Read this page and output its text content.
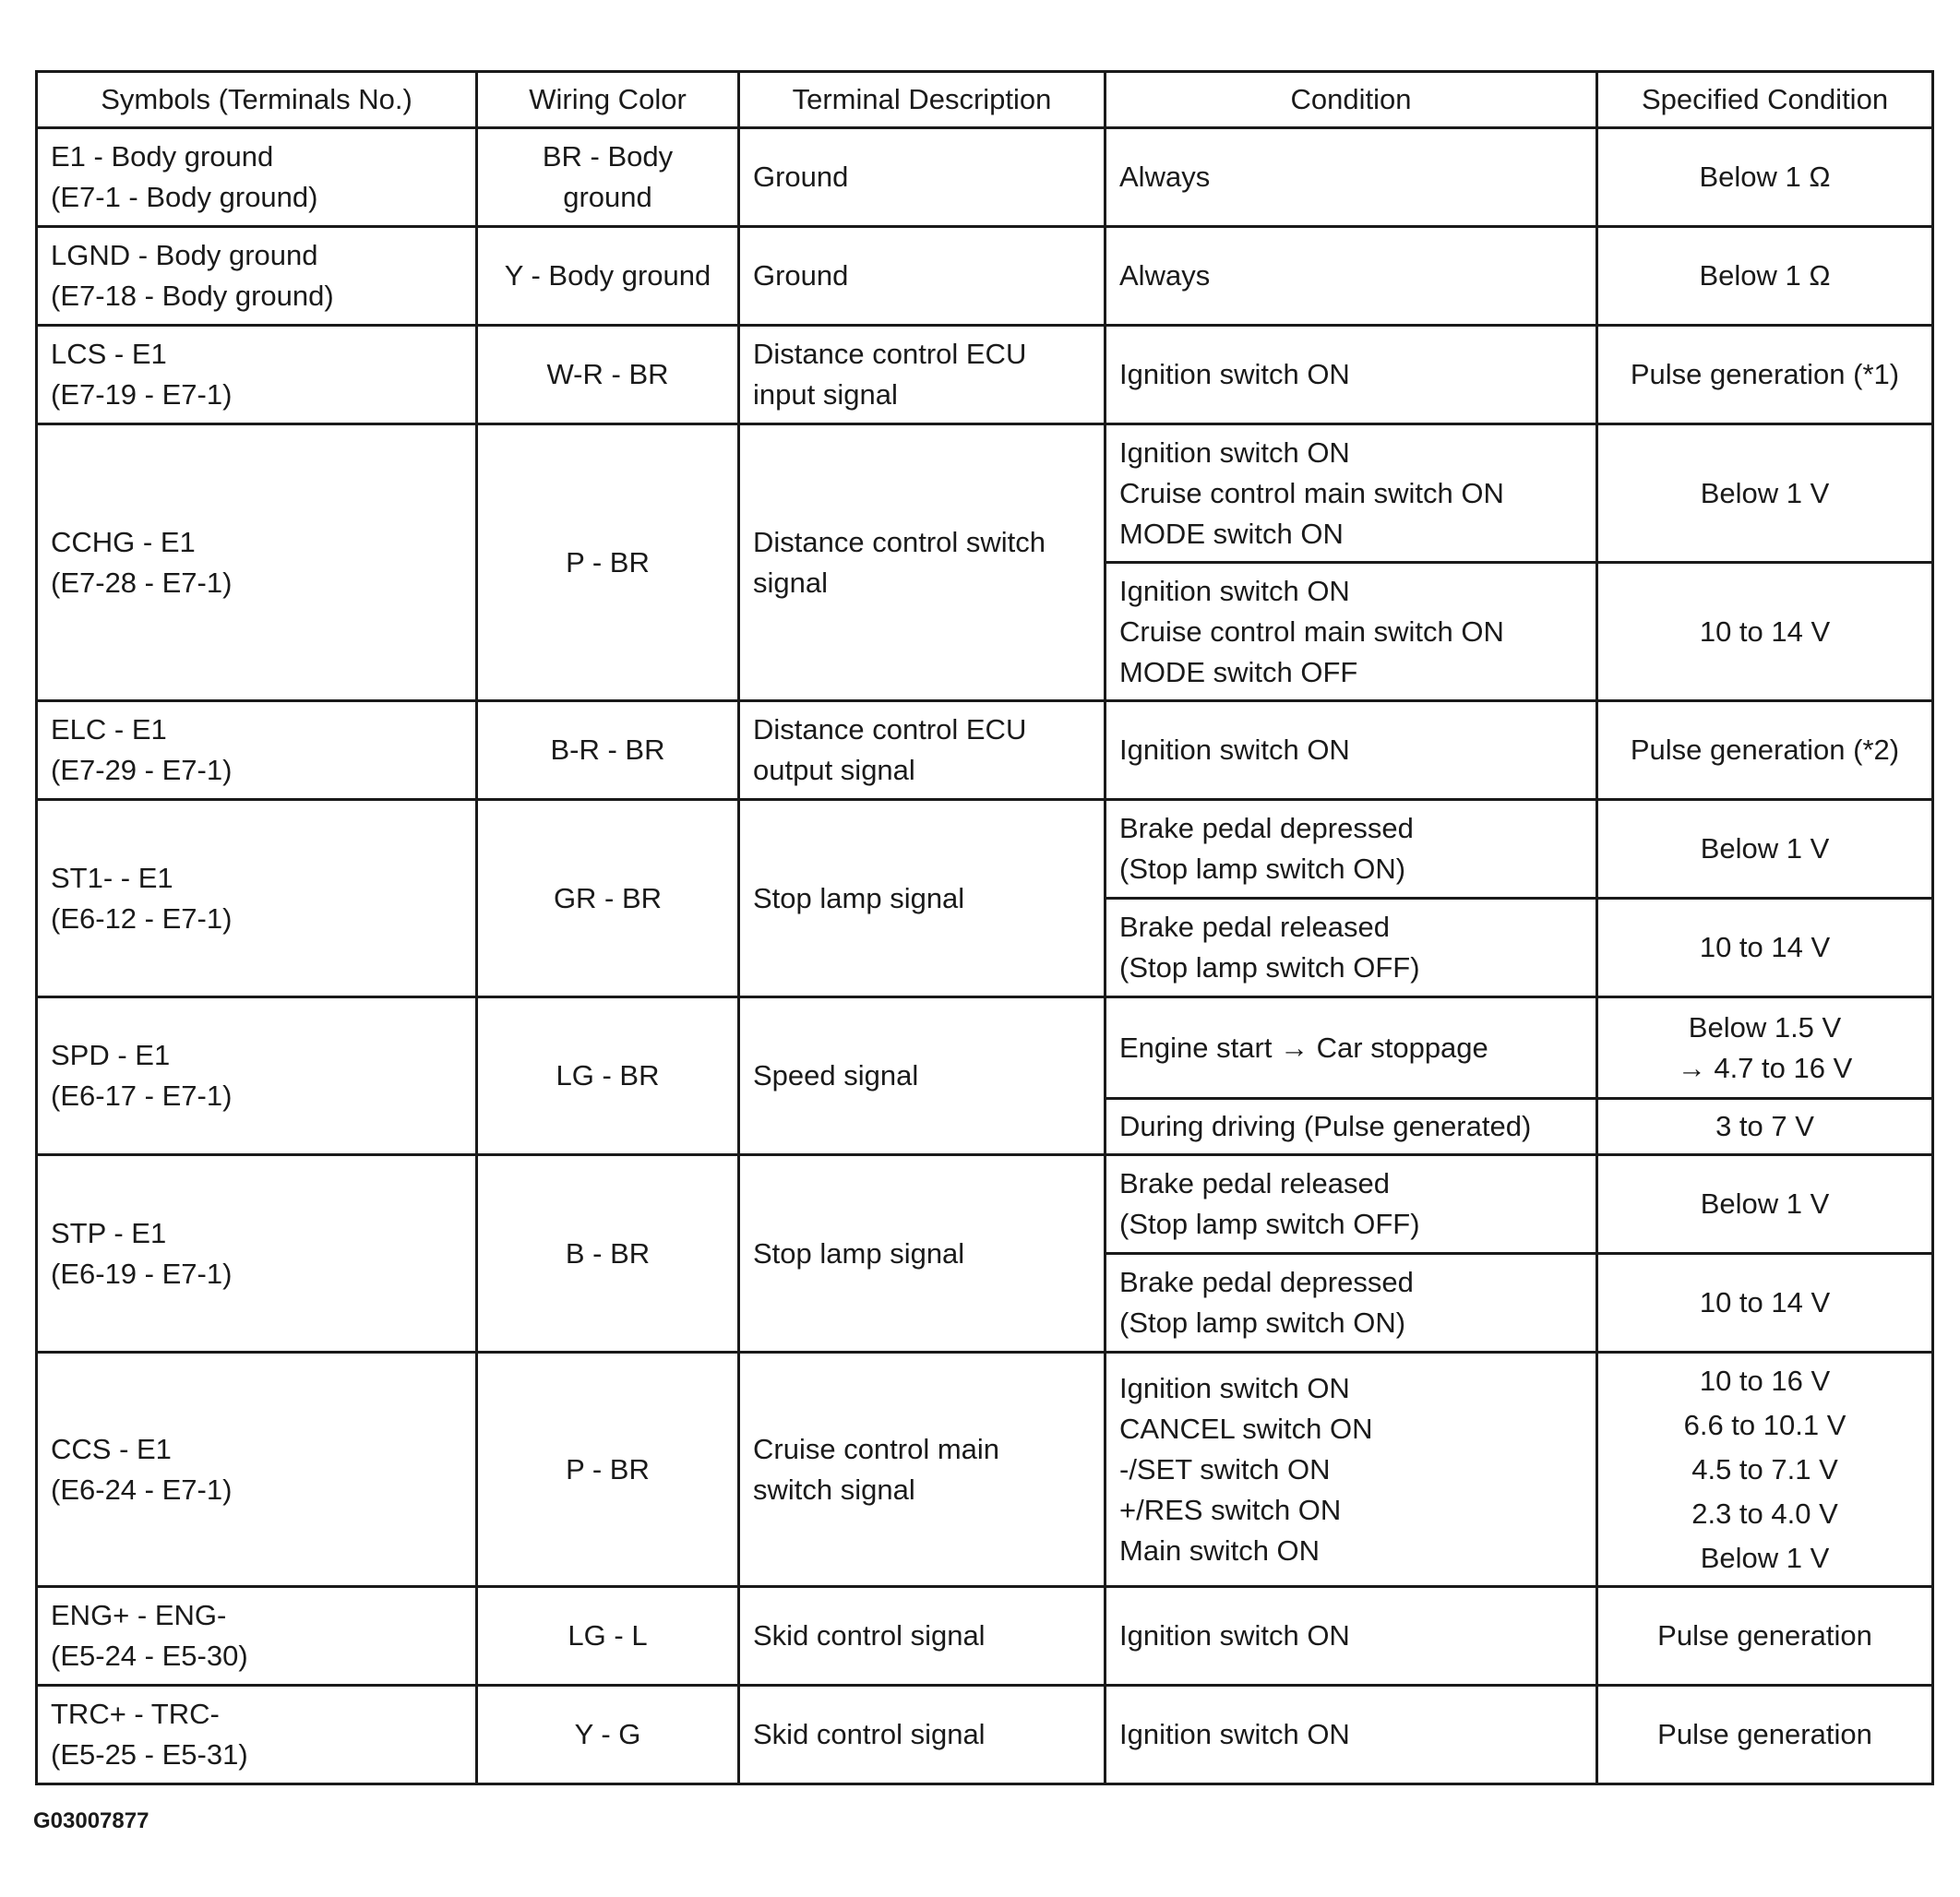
Symbols (Terminals No.)	Wiring Color	Terminal Description	Condition	Specified Condition

E1 - Body ground
(E7-1 - Body ground)	BR - Body
ground	Ground	Always	Below 1 Ω

LGND - Body ground
(E7-18 - Body ground)	Y - Body ground	Ground	Always	Below 1 Ω

LCS - E1
(E7-19 - E7-1)	W-R - BR	Distance control ECU
input signal	Ignition switch ON	Pulse generation (*1)

CCHG - E1
(E7-28 - E7-1)	P - BR	Distance control switch
signal	Ignition switch ON
Cruise control main switch ON
MODE switch ON	Below 1 V

			Ignition switch ON
Cruise control main switch ON
MODE switch OFF	10 to 14 V

ELC - E1
(E7-29 - E7-1)	B-R - BR	Distance control ECU
output signal	Ignition switch ON	Pulse generation (*2)

ST1- - E1
(E6-12 - E7-1)	GR - BR	Stop lamp signal	Brake pedal depressed
(Stop lamp switch ON)	Below 1 V

			Brake pedal released
(Stop lamp switch OFF)	10 to 14 V

SPD - E1
(E6-17 - E7-1)	LG - BR	Speed signal	Engine start → Car stoppage	Below 1.5 V
→ 4.7 to 16 V

			During driving (Pulse generated)	3 to 7 V

STP - E1
(E6-19 - E7-1)	B - BR	Stop lamp signal	Brake pedal released
(Stop lamp switch OFF)	Below 1 V

			Brake pedal depressed
(Stop lamp switch ON)	10 to 14 V

CCS - E1
(E6-24 - E7-1)	P - BR	Cruise control main
switch signal	Ignition switch ON
CANCEL switch ON
-/SET switch ON
+/RES switch ON
Main switch ON	10 to 16 V
6.6 to 10.1 V
4.5 to 7.1 V
2.3 to 4.0 V
Below 1 V

ENG+ - ENG-
(E5-24 - E5-30)	LG - L	Skid control signal	Ignition switch ON	Pulse generation

TRC+ - TRC-
(E5-25 - E5-31)	Y - G	Skid control signal	Ignition switch ON	Pulse generation
G03007877
